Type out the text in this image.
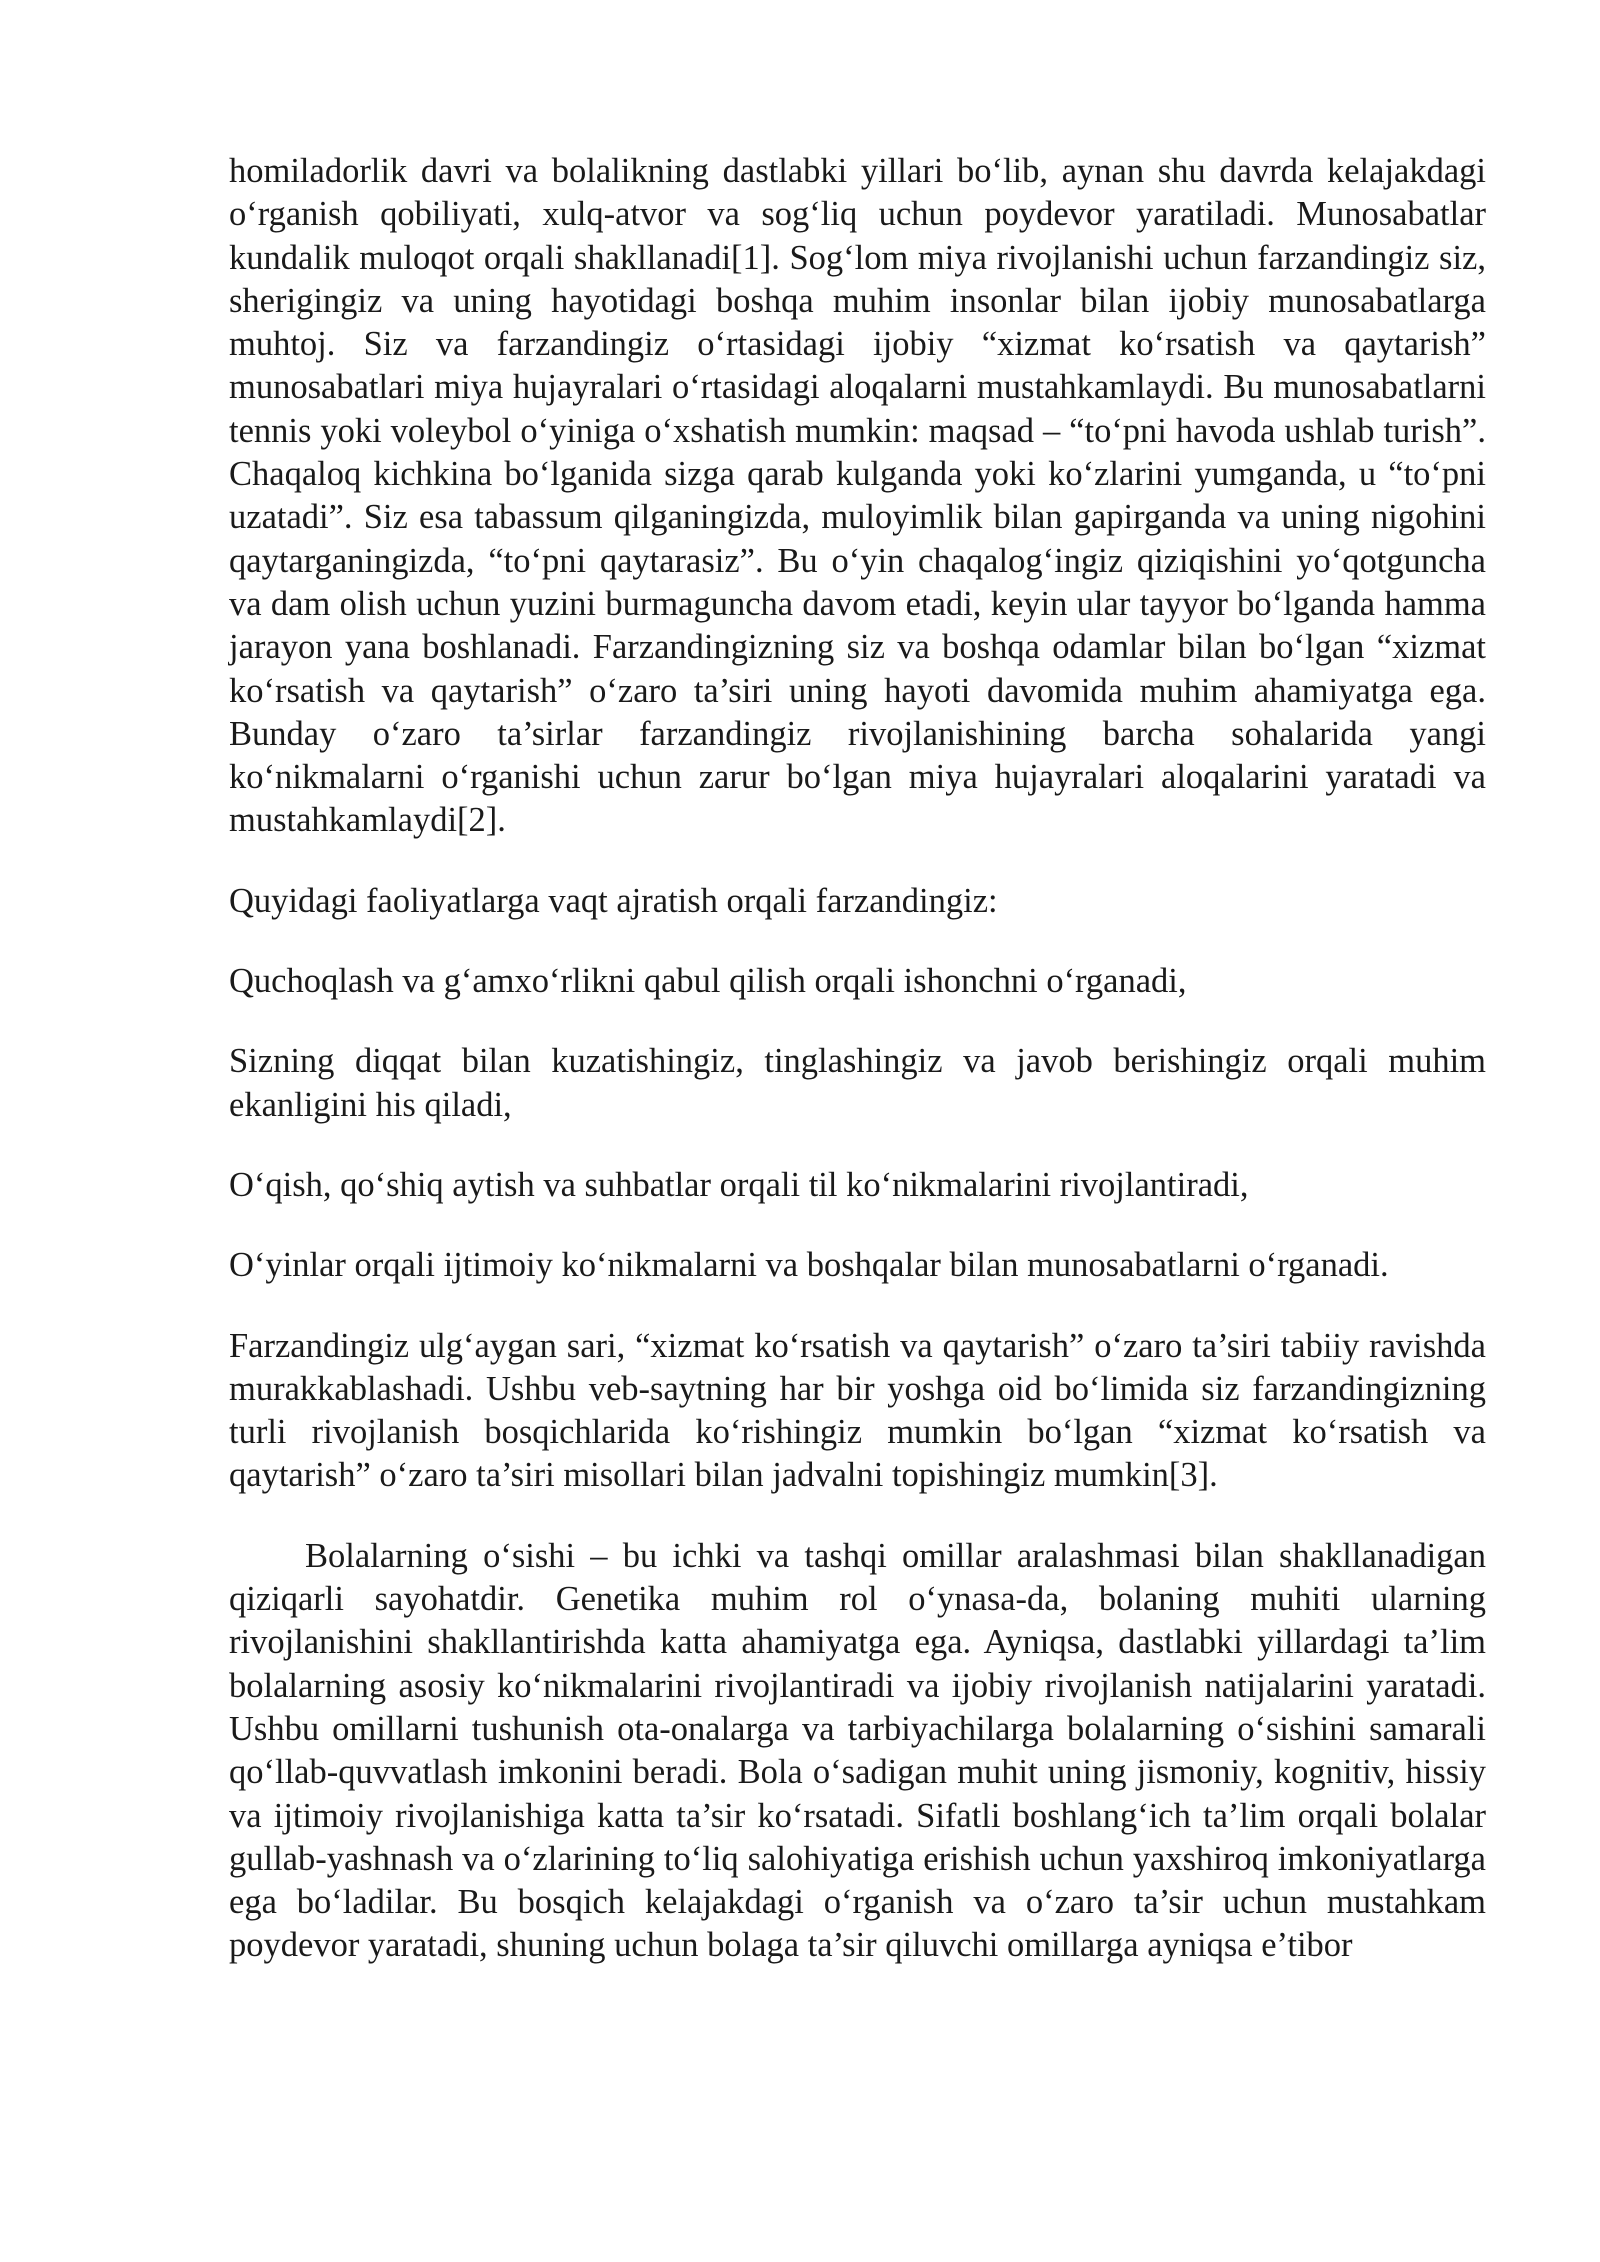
homiladorlik davri va bolalikning dastlabki yillari bo‘lib, aynan shu davrda kelajakdagi o‘rganish qobiliyati, xulq-atvor va sog‘liq uchun poydevor yaratiladi. Munosabatlar kundalik muloqot orqali shakllanadi[1]. Sog‘lom miya rivojlanishi uchun farzandingiz siz, sherigingiz va uning hayotidagi boshqa muhim insonlar bilan ijobiy munosabatlarga muhtoj. Siz va farzandingiz o‘rtasidagi ijobiy “xizmat ko‘rsatish va qaytarish” munosabatlari miya hujayralari o‘rtasidagi aloqalarni mustahkamlaydi. Bu munosabatlarni tennis yoki voleybol o‘yiniga o‘xshatish mumkin: maqsad – “to‘pni havoda ushlab turish”. Chaqaloq kichkina bo‘lganida sizga qarab kulganda yoki ko‘zlarini yumganda, u “to‘pni uzatadi”. Siz esa tabassum qilganingizda, muloyimlik bilan gapirganda va uning nigohini qaytarganingizda, “to‘pni qaytarasiz”. Bu o‘yin chaqalog‘ingiz qiziqishini yo‘qotguncha va dam olish uchun yuzini burmaguncha davom etadi, keyin ular tayyor bo‘lganda hamma jarayon yana boshlanadi. Farzandingizning siz va boshqa odamlar bilan bo‘lgan “xizmat ko‘rsatish va qaytarish” o‘zaro ta’siri uning hayoti davomida muhim ahamiyatga ega. Bunday o‘zaro ta’sirlar farzandingiz rivojlanishining barcha sohalarida yangi ko‘nikmalarni o‘rganishi uchun zarur bo‘lgan miya hujayralari aloqalarini yaratadi va mustahkamlaydi[2].

Quyidagi faoliyatlarga vaqt ajratish orqali farzandingiz:

Quchoqlash va g‘amxo‘rlikni qabul qilish orqali ishonchni o‘rganadi,

Sizning diqqat bilan kuzatishingiz, tinglashingiz va javob berishingiz orqali muhim ekanligini his qiladi,

O‘qish, qo‘shiq aytish va suhbatlar orqali til ko‘nikmalarini rivojlantiradi,

O‘yinlar orqali ijtimoiy ko‘nikmalarni va boshqalar bilan munosabatlarni o‘rganadi.

Farzandingiz ulg‘aygan sari, “xizmat ko‘rsatish va qaytarish” o‘zaro ta’siri tabiiy ravishda murakkablashadi. Ushbu veb-saytning har bir yoshga oid bo‘limida siz farzandingizning turli rivojlanish bosqichlarida ko‘rishingiz mumkin bo‘lgan “xizmat ko‘rsatish va qaytarish” o‘zaro ta’siri misollari bilan jadvalni topishingiz mumkin[3].

Bolalarning o‘sishi – bu ichki va tashqi omillar aralashmasi bilan shakllanadigan qiziqarli sayohatdir. Genetika muhim rol o‘ynasa-da, bolaning muhiti ularning rivojlanishini shakllantirishda katta ahamiyatga ega. Ayniqsa, dastlabki yillardagi ta’lim bolalarning asosiy ko‘nikmalarini rivojlantiradi va ijobiy rivojlanish natijalarini yaratadi. Ushbu omillarni tushunish ota-onalarga va tarbiyachilarga bolalarning o‘sishini samarali qo‘llab-quvvatlash imkonini beradi. Bola o‘sadigan muhit uning jismoniy, kognitiv, hissiy va ijtimoiy rivojlanishiga katta ta’sir ko‘rsatadi. Sifatli boshlang‘ich ta’lim orqali bolalar gullab-yashnash va o‘zlarining to‘liq salohiyatiga erishish uchun yaxshiroq imkoniyatlarga ega bo‘ladilar. Bu bosqich kelajakdagi o‘rganish va o‘zaro ta’sir uchun mustahkam poydevor yaratadi, shuning uchun bolaga ta’sir qiluvchi omillarga ayniqsa e’tibor
